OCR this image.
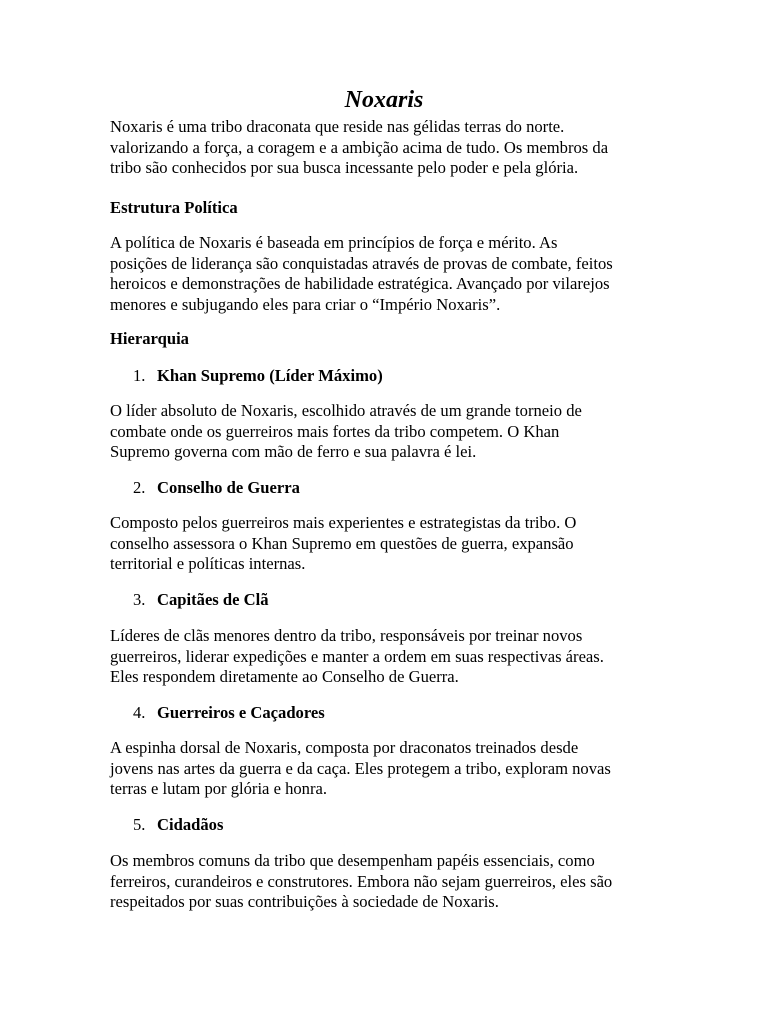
Noxaris

Noxaris é uma tribo draconata que reside nas gélidas terras do norte.

valorizando a força, a coragem e a ambição acima de tudo. Os membros da

tribo são conhecidos por sua busca incessante pelo poder e pela glória.

Estrutura Política

A política de Noxaris é baseada em princípios de força e mérito. As

posições de liderança são conquistadas através de provas de combate, feitos

heroicos e demonstrações de habilidade estratégica. Avançado por vilarejos

menores e subjugando eles para criar o “Império Noxaris”.

Hierarquia
1. Khan Supremo (Líder Máximo)

O líder absoluto de Noxaris, escolhido através de um grande torneio de

combate onde os guerreiros mais fortes da tribo competem. O Khan

Supremo governa com mão de ferro e sua palavra é lei.

2. Conselho de Guerra

Composto pelos guerreiros mais experientes e estrategistas da tribo. O

conselho assessora o Khan Supremo em questões de guerra, expansão

territorial e políticas internas.

3. Capitães de Clã

Líderes de clãs menores dentro da tribo, responsáveis por treinar novos

guerreiros, liderar expedições e manter a ordem em suas respectivas áreas.

Eles respondem diretamente ao Conselho de Guerra.

4. Guerreiros e Caçadores

A espinha dorsal de Noxaris, composta por draconatos treinados desde

jovens nas artes da guerra e da caça. Eles protegem a tribo, exploram novas

terras e lutam por glória e honra.

5. Cidadãos

Os membros comuns da tribo que desempenham papéis essenciais, como

ferreiros, curandeiros e construtores. Embora não sejam guerreiros, eles são

respeitados por suas contribuições à sociedade de Noxaris.
